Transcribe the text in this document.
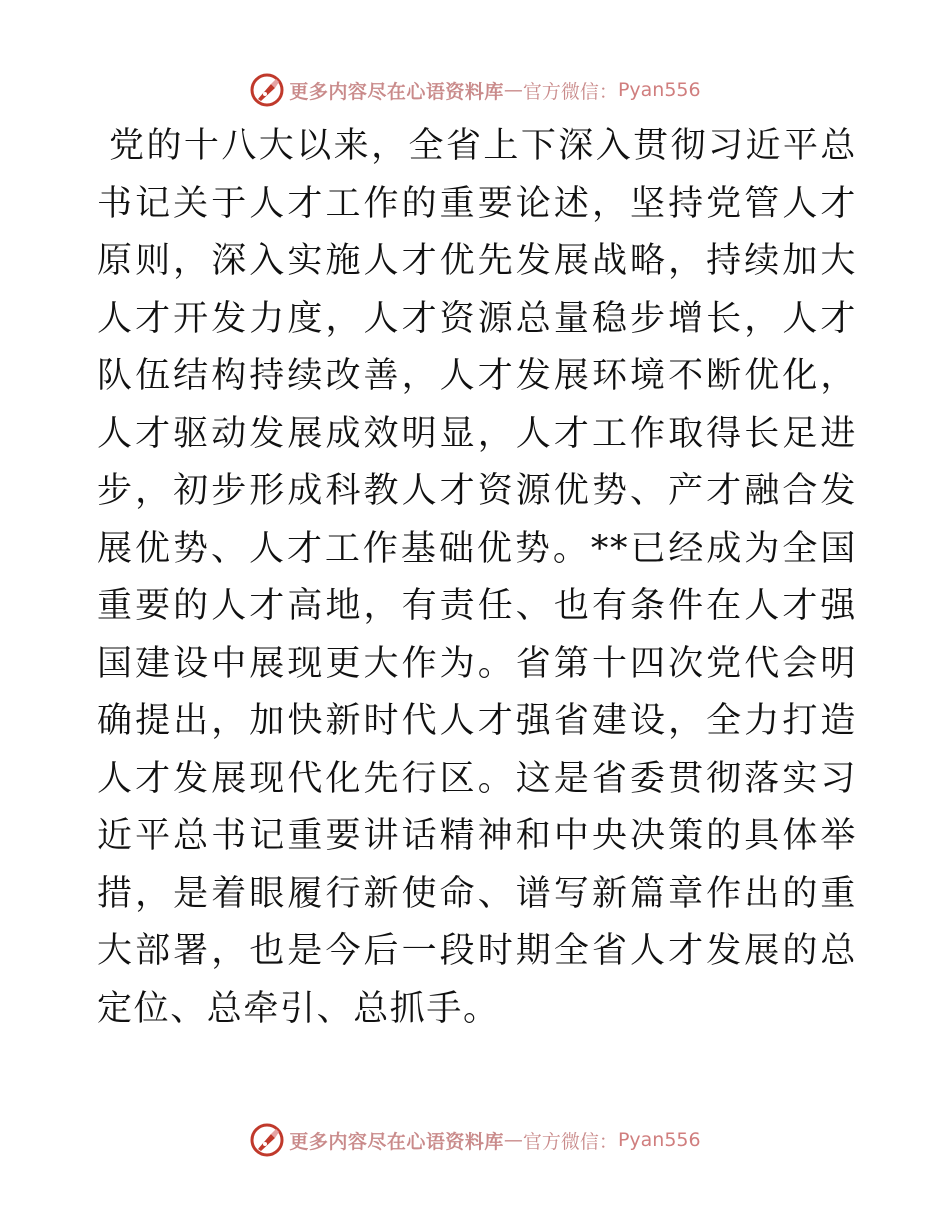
更多内容尽在心语资料库 — 官方微信： Pyan556

党的十八大以来，全省上下深入贯彻习近平总书记关于人才工作的重要论述，坚持党管人才原则，深入实施人才优先发展战略，持续加大人才开发力度，人才资源总量稳步增长，人才队伍结构持续改善，人才发展环境不断优化，人才驱动发展成效明显，人才工作取得长足进步，初步形成科教人才资源优势、产才融合发展优势、人才工作基础优势。**已经成为全国重要的人才高地，有责任、也有条件在人才强国建设中展现更大作为。省第十四次党代会明确提出，加快新时代人才强省建设，全力打造人才发展现代化先行区。这是省委贯彻落实习近平总书记重要讲话精神和中央决策的具体举措，是着眼履行新使命、谱写新篇章作出的重大部署，也是今后一段时期全省人才发展的总定位、总牵引、总抓手。

更多内容尽在心语资料库 — 官方微信： Pyan556
